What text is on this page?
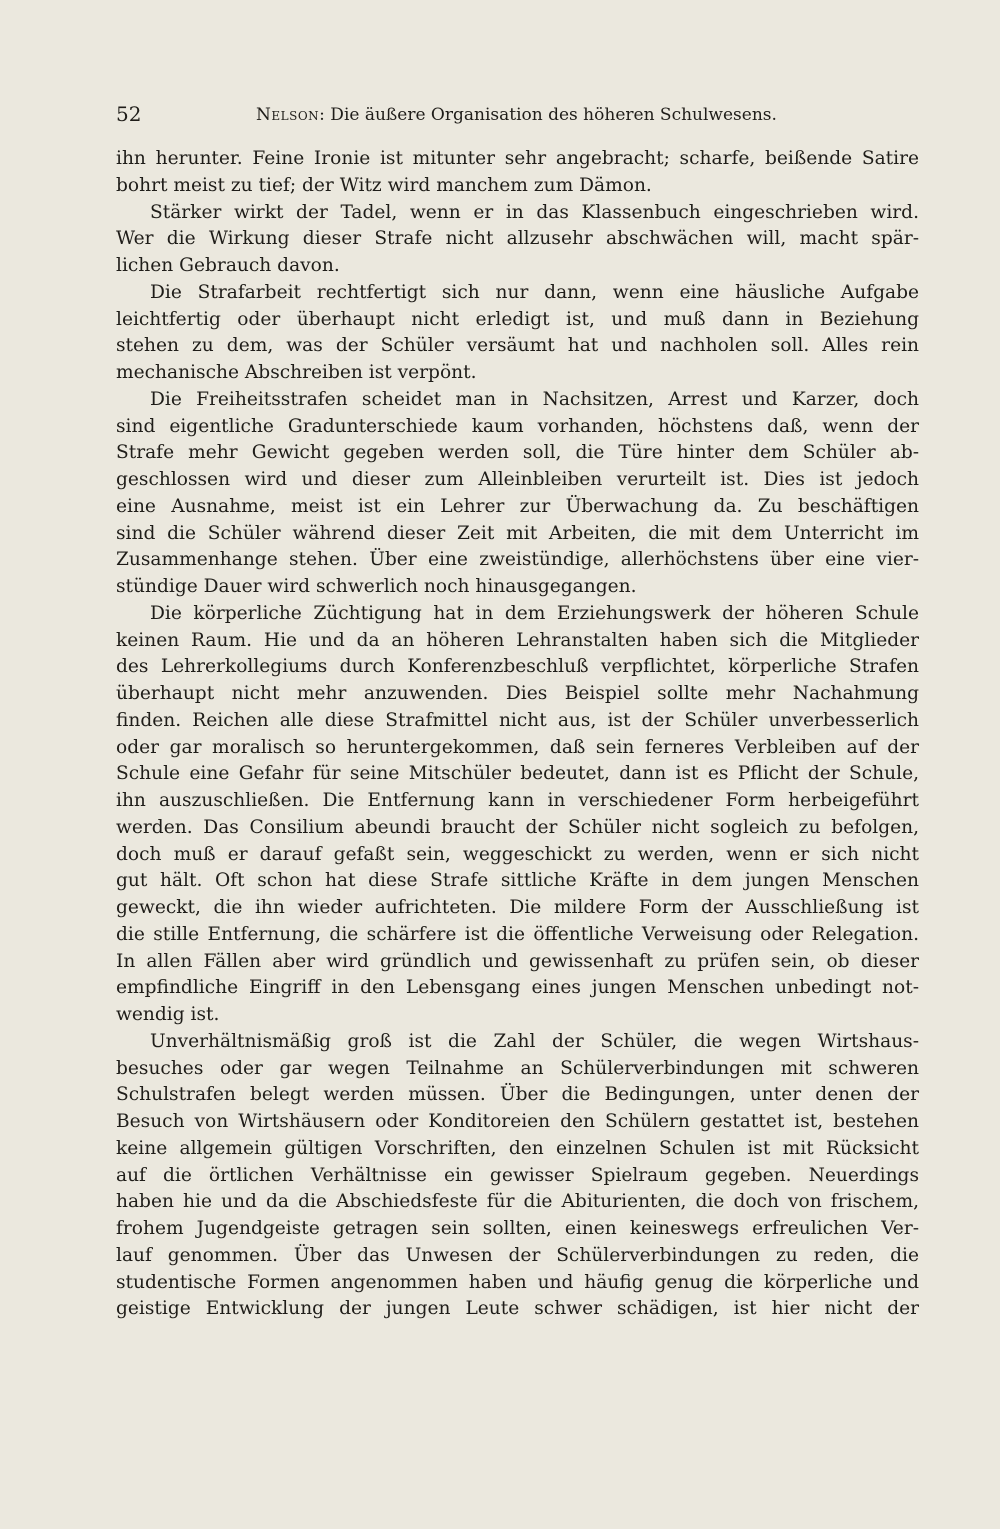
52	Nelson: Die äußere Organisation des höheren Schulwesens.
ihn herunter. Feine Ironie ist mitunter sehr angebracht; scharfe, beißende Satire
bohrt meist zu tief; der Witz wird manchem zum Dämon.
Stärker wirkt der Tadel, wenn er in das Klassenbuch eingeschrieben wird.
Wer die Wirkung dieser Strafe nicht allzusehr abschwächen will, macht spär-
lichen Gebrauch davon.
Die Strafarbeit rechtfertigt sich nur dann, wenn eine häusliche Aufgabe
leichtfertig oder überhaupt nicht erledigt ist, und muß dann in Beziehung
stehen zu dem, was der Schüler versäumt hat und nachholen soll. Alles rein
mechanische Abschreiben ist verpönt.
Die Freiheitsstrafen scheidet man in Nachsitzen, Arrest und Karzer, doch
sind eigentliche Gradunterschiede kaum vorhanden, höchstens daß, wenn der
Strafe mehr Gewicht gegeben werden soll, die Türe hinter dem Schüler ab-
geschlossen wird und dieser zum Alleinbleiben verurteilt ist. Dies ist jedoch
eine Ausnahme, meist ist ein Lehrer zur Überwachung da. Zu beschäftigen
sind die Schüler während dieser Zeit mit Arbeiten, die mit dem Unterricht im
Zusammenhange stehen. Über eine zweistündige, allerhöchstens über eine vier-
stündige Dauer wird schwerlich noch hinausgegangen.
Die körperliche Züchtigung hat in dem Erziehungswerk der höheren Schule
keinen Raum. Hie und da an höheren Lehranstalten haben sich die Mitglieder
des Lehrerkollegiums durch Konferenzbeschluß verpflichtet, körperliche Strafen
überhaupt nicht mehr anzuwenden. Dies Beispiel sollte mehr Nachahmung
finden. Reichen alle diese Strafmittel nicht aus, ist der Schüler unverbesserlich
oder gar moralisch so heruntergekommen, daß sein ferneres Verbleiben auf der
Schule eine Gefahr für seine Mitschüler bedeutet, dann ist es Pflicht der Schule,
ihn auszuschließen. Die Entfernung kann in verschiedener Form herbeigeführt
werden. Das Consilium abeundi braucht der Schüler nicht sogleich zu befolgen,
doch muß er darauf gefaßt sein, weggeschickt zu werden, wenn er sich nicht
gut hält. Oft schon hat diese Strafe sittliche Kräfte in dem jungen Menschen
geweckt, die ihn wieder aufrichteten. Die mildere Form der Ausschließung ist
die stille Entfernung, die schärfere ist die öffentliche Verweisung oder Relegation.
In allen Fällen aber wird gründlich und gewissenhaft zu prüfen sein, ob dieser
empfindliche Eingriff in den Lebensgang eines jungen Menschen unbedingt not-
wendig ist.
Unverhältnismäßig groß ist die Zahl der Schüler, die wegen Wirtshaus-
besuches oder gar wegen Teilnahme an Schülerverbindungen mit schweren
Schulstrafen belegt werden müssen. Über die Bedingungen, unter denen der
Besuch von Wirtshäusern oder Konditoreien den Schülern gestattet ist, bestehen
keine allgemein gültigen Vorschriften, den einzelnen Schulen ist mit Rücksicht
auf die örtlichen Verhältnisse ein gewisser Spielraum gegeben. Neuerdings
haben hie und da die Abschiedsfeste für die Abiturienten, die doch von frischem,
frohem Jugendgeiste getragen sein sollten, einen keineswegs erfreulichen Ver-
lauf genommen. Über das Unwesen der Schülerverbindungen zu reden, die
studentische Formen angenommen haben und häufig genug die körperliche und
geistige Entwicklung der jungen Leute schwer schädigen, ist hier nicht der
